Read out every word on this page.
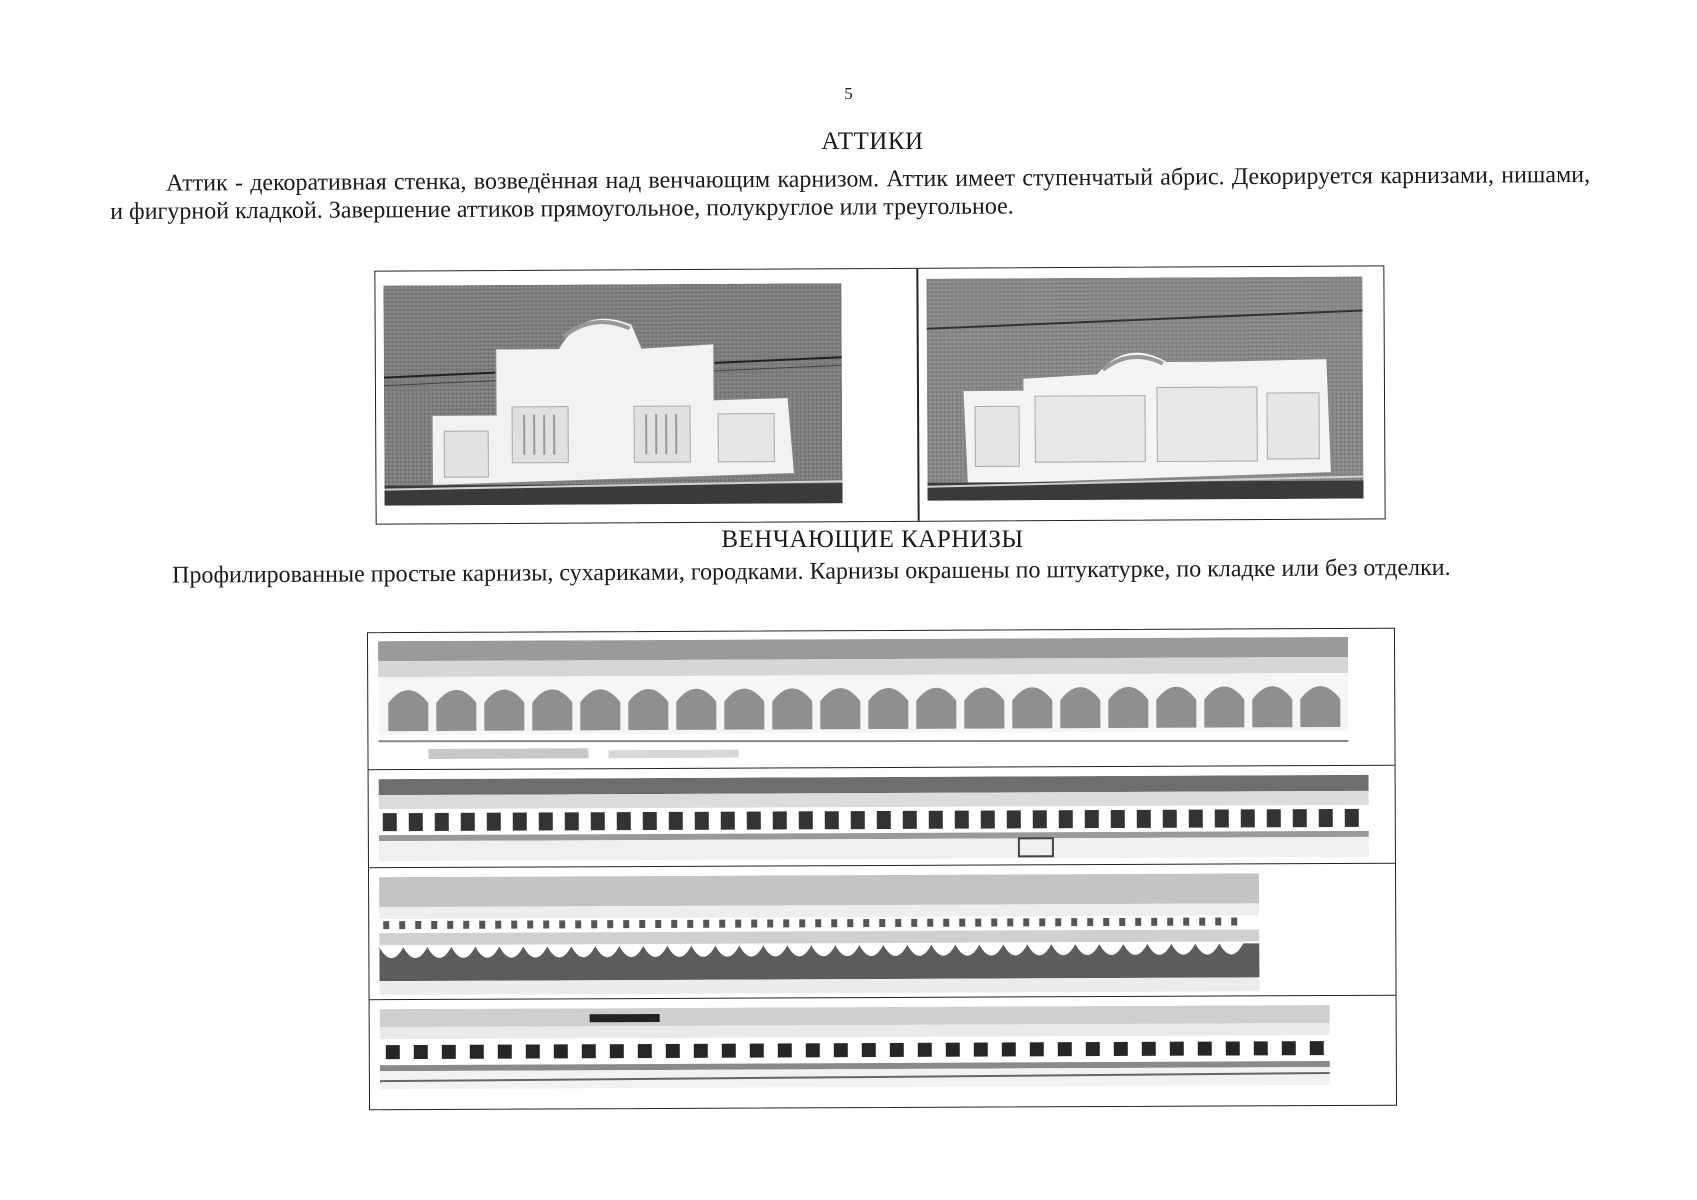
5
АТТИКИ
Аттик - декоративная стенка, возведённая над венчающим карнизом. Аттик имеет ступенчатый абрис. Декорируется карнизами, нишами, и фигурной кладкой. Завершение аттиков прямоугольное, полукруглое или треугольное.
ВЕНЧАЮЩИЕ КАРНИЗЫ
Профилированные простые карнизы, сухариками, городками. Карнизы окрашены по штукатурке, по кладке или без отделки.
